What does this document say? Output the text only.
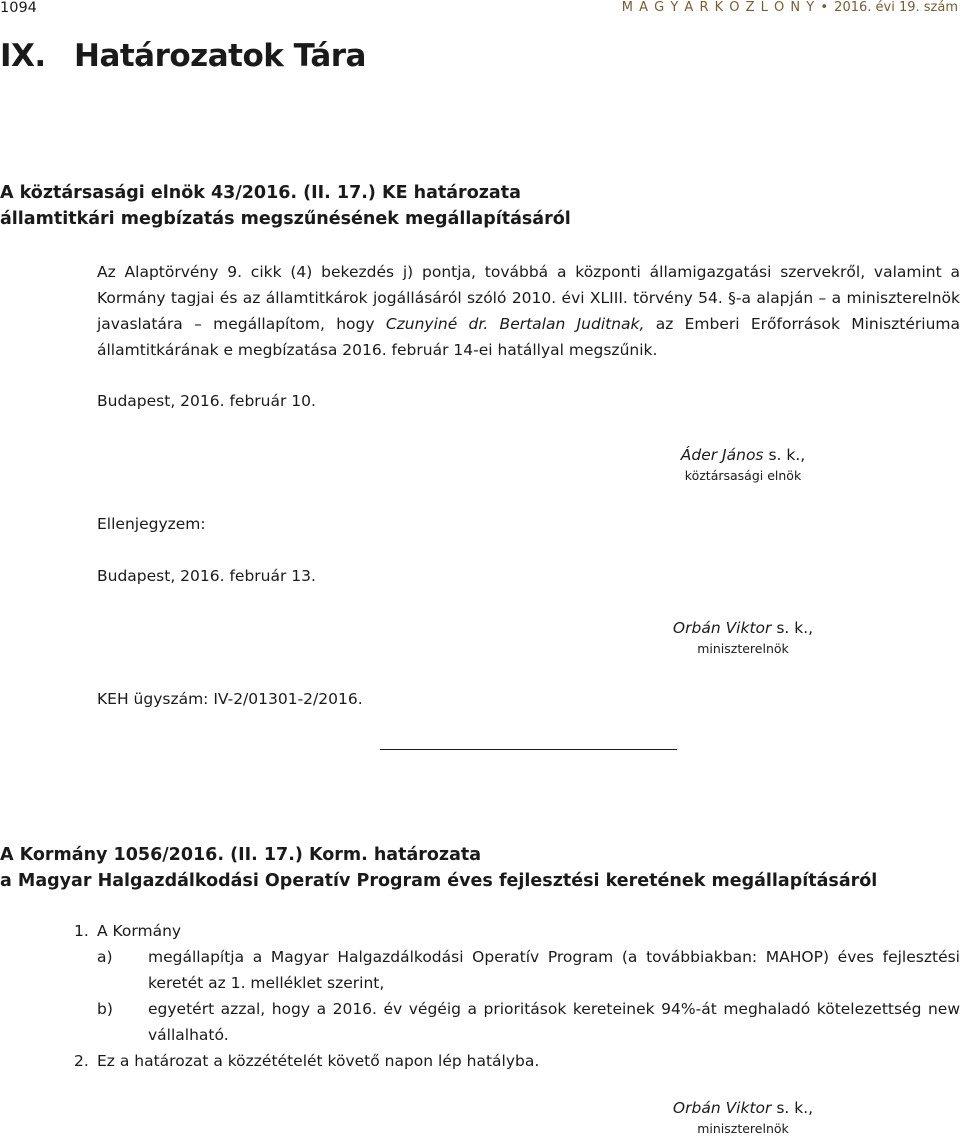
1094	M A G Y A R K Ö Z L Ö N Y • 2016. évi 19. szám
IX. Határozatok Tára
A köztársasági elnök 43/2016. (II. 17.) KE határozata
államtitkári megbízatás megszűnésének megállapításáról

Az Alaptörvény 9. cikk (4) bekezdés j) pontja, továbbá a központi államigazgatási szervekről, valamint a Kormány tagjai és az államtitkárok jogállásáról szóló 2010. évi XLIII. törvény 54. §-a alapján – a miniszterelnök javaslatára – megállapítom, hogy Czunyiné dr. Bertalan Juditnak, az Emberi Erőforrások Minisztériuma államtitkárának e megbízatása 2016. február 14-ei hatállyal megszűnik.

Budapest, 2016. február 10.
Áder János s. k.,
köztársasági elnök
Ellenjegyzem:
Budapest, 2016. február 13.
Orbán Viktor s. k.,
miniszterelnök
KEH ügyszám: IV-2/01301-2/2016.
A Kormány 1056/2016. (II. 17.) Korm. határozata
a Magyar Halgazdálkodási Operatív Program éves fejlesztési keretének megállapításáról
1. A Kormány
a) megállapítja a Magyar Halgazdálkodási Operatív Program (a továbbiakban: MAHOP) éves fejlesztési keretét az 1. melléklet szerint,
b) egyetért azzal, hogy a 2016. év végéig a prioritások kereteinek 94%-át meghaladó kötelezettség new vállalható.
2. Ez a határozat a közzétételét követő napon lép hatályba.
Orbán Viktor s. k.,
miniszterelnök
